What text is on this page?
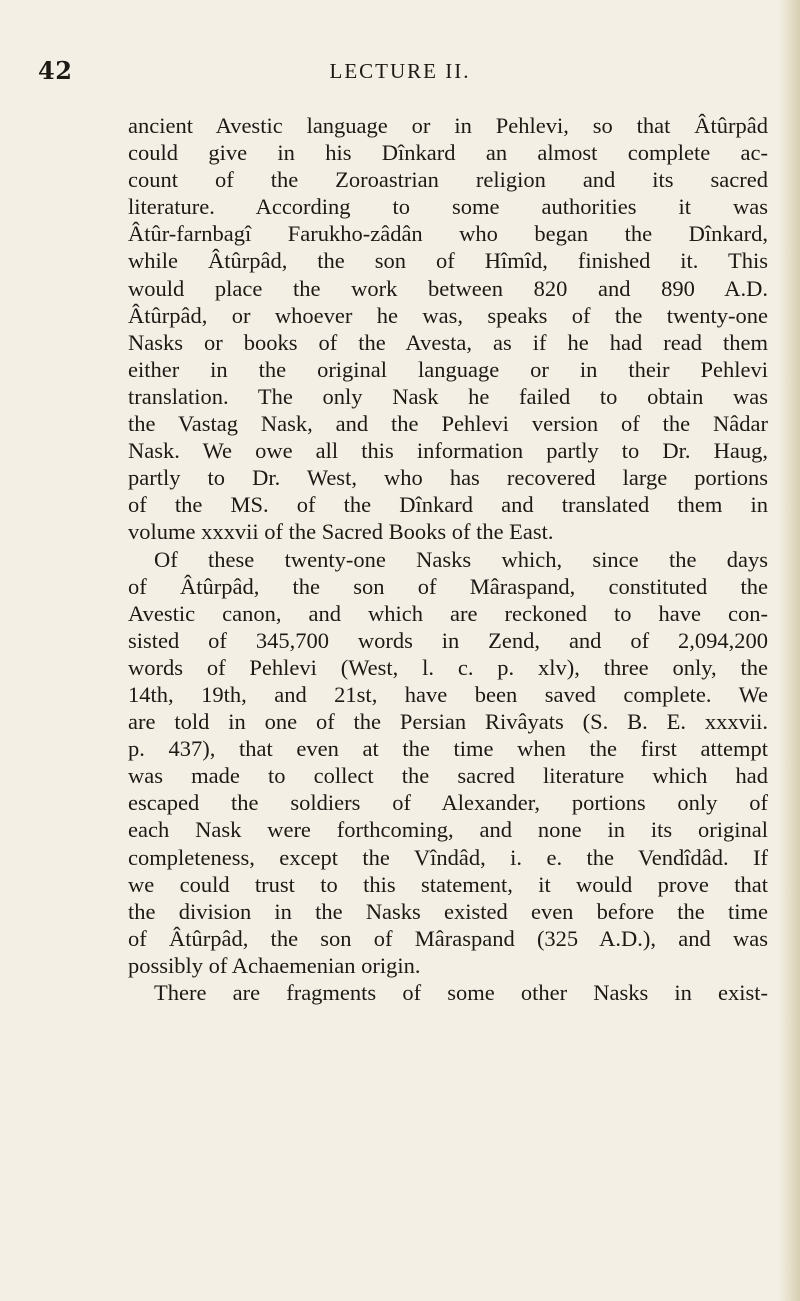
42	LECTURE II.
ancient Avestic language or in Pehlevi, so that Âtûrpâd
could give in his Dînkard an almost complete ac-
count of the Zoroastrian religion and its sacred
literature. According to some authorities it was
Âtûr-farnbagî Farukho-zâdân who began the Dînkard,
while Âtûrpâd, the son of Hîmîd, finished it. This
would place the work between 820 and 890 A.D.
Âtûrpâd, or whoever he was, speaks of the twenty-one
Nasks or books of the Avesta, as if he had read them
either in the original language or in their Pehlevi
translation. The only Nask he failed to obtain was
the Vastag Nask, and the Pehlevi version of the Nâdar
Nask. We owe all this information partly to Dr. Haug,
partly to Dr. West, who has recovered large portions
of the MS. of the Dînkard and translated them in
volume xxxvii of the Sacred Books of the East.
Of these twenty-one Nasks which, since the days
of Âtûrpâd, the son of Mâraspand, constituted the
Avestic canon, and which are reckoned to have con-
sisted of 345,700 words in Zend, and of 2,094,200
words of Pehlevi (West, l. c. p. xlv), three only, the
14th, 19th, and 21st, have been saved complete. We
are told in one of the Persian Rivâyats (S. B. E. xxxvii.
p. 437), that even at the time when the first attempt
was made to collect the sacred literature which had
escaped the soldiers of Alexander, portions only of
each Nask were forthcoming, and none in its original
completeness, except the Vîndâd, i. e. the Vendîdâd. If
we could trust to this statement, it would prove that
the division in the Nasks existed even before the time
of Âtûrpâd, the son of Mâraspand (325 A.D.), and was
possibly of Achaemenian origin.
There are fragments of some other Nasks in exist-
